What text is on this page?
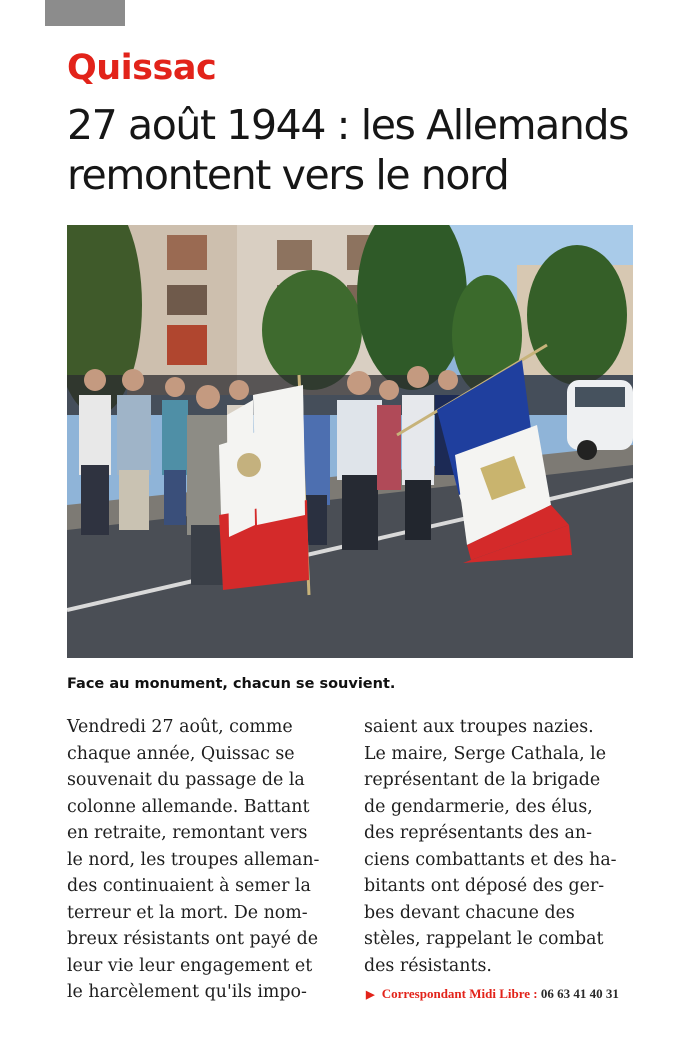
Quissac
27 août 1944 : les Allemands
remontent vers le nord
Face au monument, chacun se souvient.
Vendredi 27 août, comme
chaque année, Quissac se
souvenait du passage de la
colonne allemande. Battant
en retraite, remontant vers
le nord, les troupes alleman-
des continuaient à semer la
terreur et la mort. De nom-
breux résistants ont payé de
leur vie leur engagement et
le harcèlement qu'ils impo-
saient aux troupes nazies.
Le maire, Serge Cathala, le
représentant de la brigade
de gendarmerie, des élus,
des représentants des an-
ciens combattants et des ha-
bitants ont déposé des ger-
bes devant chacune des
stèles, rappelant le combat
des résistants.
▶ Correspondant Midi Libre : 06 63 41 40 31
